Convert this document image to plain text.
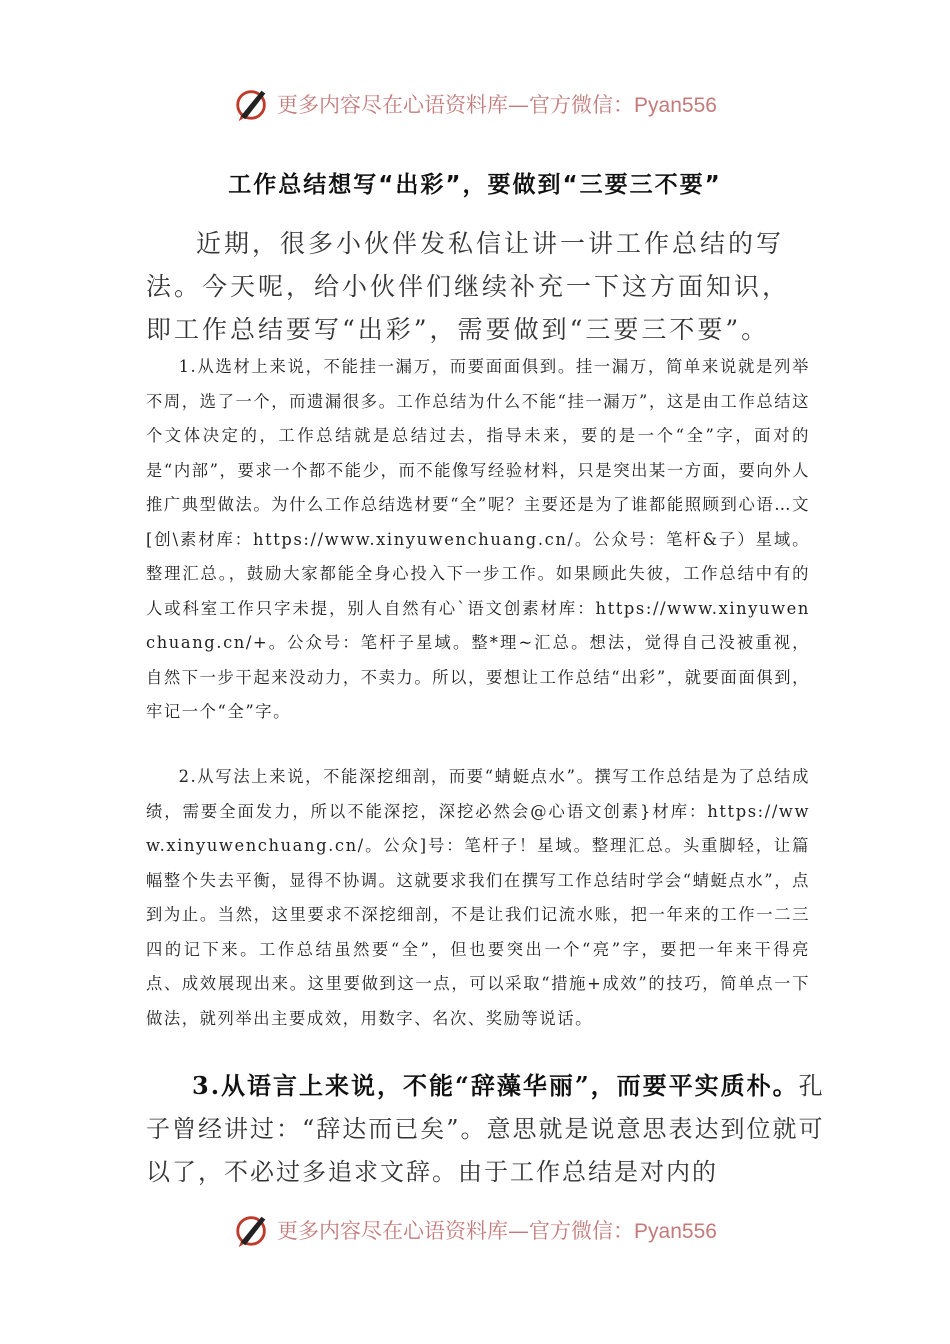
更多内容尽在心语资料库—官方微信：Pyan556
工作总结想写“出彩”，要做到“三要三不要”

近期，很多小伙伴发私信让讲一讲工作总结的写法。今天呢，给小伙伴们继续补充一下这方面知识，即工作总结要写“出彩”，需要做到“三要三不要”。

1.从选材上来说，不能挂一漏万，而要面面俱到。挂一漏万，简单来说就是列举不周，选了一个，而遗漏很多。工作总结为什么不能“挂一漏万”，这是由工作总结这个文体决定的，工作总结就是总结过去，指导未来，要的是一个“全”字，面对的是“内部”，要求一个都不能少，而不能像写经验材料，只是突出某一方面，要向外人推广典型做法。为什么工作总结选材要“全”呢？主要还是为了谁都能照顾到心语…文[创\素材库：https://www.xinyuwenchuang.cn/。公众号：笔杆&子）星域。整理汇总。，鼓励大家都能全身心投入下一步工作。如果顾此失彼，工作总结中有的人或科室工作只字未提，别人自然有心`语文创素材库：https://www.xinyuwenchuang.cn/+。公众号：笔杆子星域。整*理~汇总。想法，觉得自己没被重视，自然下一步干起来没动力，不卖力。所以，要想让工作总结“出彩”，就要面面俱到，牢记一个“全”字。

2.从写法上来说，不能深挖细剖，而要“蜻蜓点水”。撰写工作总结是为了总结成绩，需要全面发力，所以不能深挖，深挖必然会@心语文创素}材库：https://www.xinyuwenchuang.cn/。公众]号：笔杆子！星域。整理汇总。头重脚轻，让篇幅整个失去平衡，显得不协调。这就要求我们在撰写工作总结时学会“蜻蜓点水”，点到为止。当然，这里要求不深挖细剖，不是让我们记流水账，把一年来的工作一二三四的记下来。工作总结虽然要“全”，但也要突出一个“亮”字，要把一年来干得亮点、成效展现出来。这里要做到这一点，可以采取“措施+成效”的技巧，简单点一下做法，就列举出主要成效，用数字、名次、奖励等说话。

3.从语言上来说，不能“辞藻华丽”，而要平实质朴。孔子曾经讲过：“辞达而已矣”。意思就是说意思表达到位就可以了，不必过多追求文辞。由于工作总结是对内的

更多内容尽在心语资料库—官方微信：Pyan556
